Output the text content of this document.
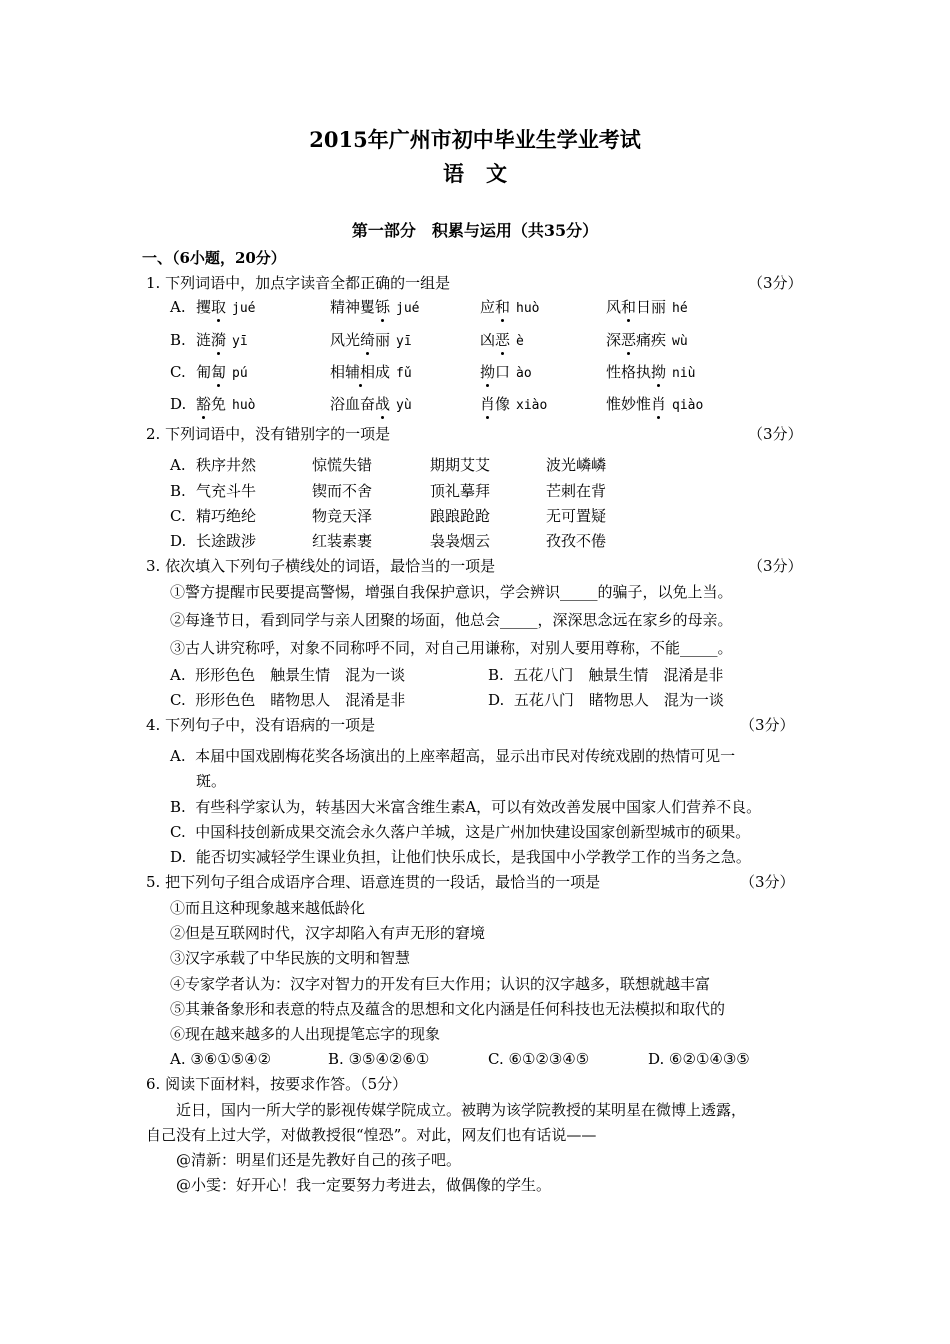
2015年广州市初中毕业生学业考试
语文
第一部分　 积累与运用（共35分）
一、（6小题，20分）
1. 下列词语中，加点字读音全都正确的一组是	（3分）
A. 攫取 jué	精神矍铄 jué	应和 huò	风和日丽 hé
B. 涟漪 yī	风光绮丽 yī	凶恶 è	深恶痛疾 wù
C. 匍匐 pú	相辅相成 fǔ	拗口 ào	性格执拗 niù
D. 豁免 huò	浴血奋战 yù	肖像 xiào	惟妙惟肖 qiào
2. 下列词语中，没有错别字的一项是	（3分）
A. 秩序井然	惊慌失错	期期艾艾	波光嶙嶙
B. 气充斗牛	锲而不舍	顶礼摹拜	芒刺在背
C. 精巧绝纶	物竞天泽	踉踉跄跄	无可置疑
D. 长途跋涉	红装素裹	袅袅烟云	孜孜不倦
3. 依次填入下列句子横线处的词语，最恰当的一项是	（3分）
①警方提醒市民要提高警惕，增强自我保护意识，学会辨识_____的骗子，以免上当。
②每逢节日，看到同学与亲人团聚的场面，他总会_____，深深思念远在家乡的母亲。
③古人讲究称呼，对象不同称呼不同，对自己用谦称，对别人要用尊称，不能_____。
A. 形形色色　触景生情　混为一谈	B. 五花八门　触景生情　混淆是非
C. 形形色色　睹物思人　混淆是非	D. 五花八门　睹物思人　混为一谈
4. 下列句子中，没有语病的一项是	（3分）
A. 本届中国戏剧梅花奖各场演出的上座率超高，显示出市民对传统戏剧的热情可见一
斑。
B. 有些科学家认为，转基因大米富含维生素A，可以有效改善发展中国家人们营养不良。
C. 中国科技创新成果交流会永久落户羊城，这是广州加快建设国家创新型城市的硕果。
D. 能否切实减轻学生课业负担，让他们快乐成长，是我国中小学教学工作的当务之急。
5. 把下列句子组合成语序合理、语意连贯的一段话，最恰当的一项是	（3分）
①而且这种现象越来越低龄化
②但是互联网时代，汉字却陷入有声无形的窘境
③汉字承载了中华民族的文明和智慧
④专家学者认为：汉字对智力的开发有巨大作用；认识的汉字越多，联想就越丰富
⑤其兼备象形和表意的特点及蕴含的思想和文化内涵是任何科技也无法模拟和取代的
⑥现在越来越多的人出现提笔忘字的现象
A. ③⑥①⑤④②	B. ③⑤④②⑥①	C. ⑥①②③④⑤	D. ⑥②①④③⑤
6. 阅读下面材料，按要求作答。（5分）
近日，国内一所大学的影视传媒学院成立。被聘为该学院教授的某明星在微博上透露，
自己没有上过大学，对做教授很“惶恐”。对此，网友们也有话说——
@清新：明星们还是先教好自己的孩子吧。
@小雯：好开心！我一定要努力考进去，做偶像的学生。
